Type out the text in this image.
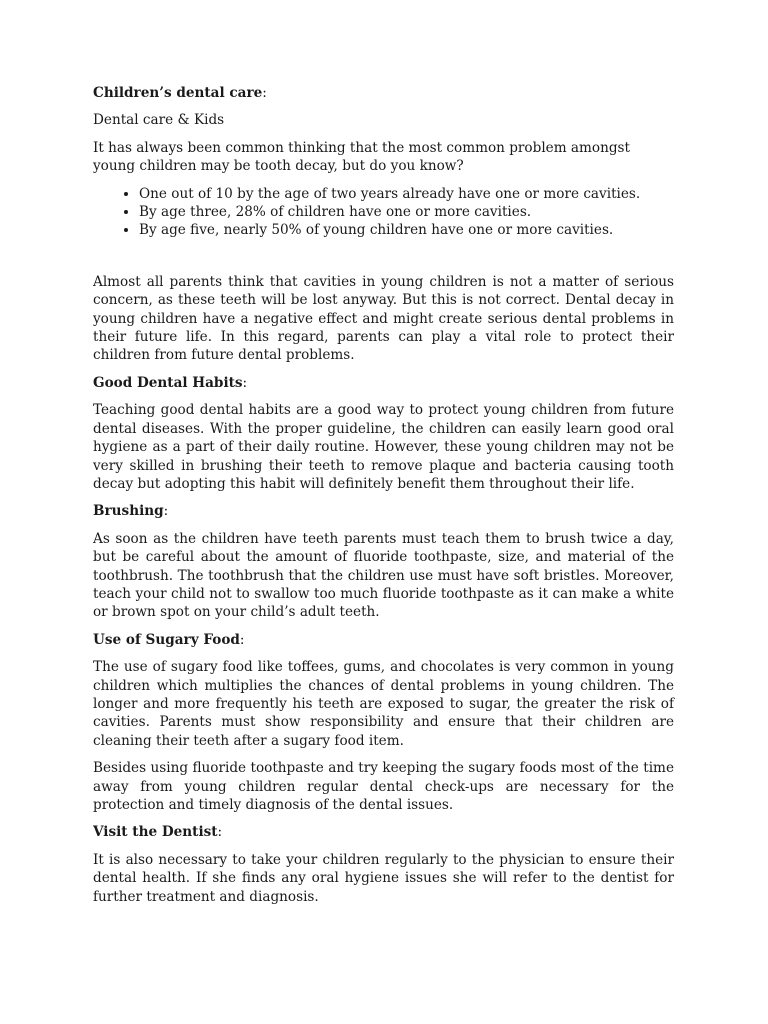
Children’s dental care:

Dental care & Kids

It has always been common thinking that the most common problem amongst young children may be tooth decay, but do you know?

• One out of 10 by the age of two years already have one or more cavities.
• By age three, 28% of children have one or more cavities.
• By age five, nearly 50% of young children have one or more cavities.

Almost all parents think that cavities in young children is not a matter of serious concern, as these teeth will be lost anyway. But this is not correct. Dental decay in young children have a negative effect and might create serious dental problems in their future life. In this regard, parents can play a vital role to protect their children from future dental problems.

Good Dental Habits:

Teaching good dental habits are a good way to protect young children from future dental diseases. With the proper guideline, the children can easily learn good oral hygiene as a part of their daily routine. However, these young children may not be very skilled in brushing their teeth to remove plaque and bacteria causing tooth decay but adopting this habit will definitely benefit them throughout their life.

Brushing:

As soon as the children have teeth parents must teach them to brush twice a day, but be careful about the amount of fluoride toothpaste, size, and material of the toothbrush. The toothbrush that the children use must have soft bristles. Moreover, teach your child not to swallow too much fluoride toothpaste as it can make a white or brown spot on your child’s adult teeth.

Use of Sugary Food:

The use of sugary food like toffees, gums, and chocolates is very common in young children which multiplies the chances of dental problems in young children. The longer and more frequently his teeth are exposed to sugar, the greater the risk of cavities. Parents must show responsibility and ensure that their children are cleaning their teeth after a sugary food item.

Besides using fluoride toothpaste and try keeping the sugary foods most of the time away from young children regular dental check-ups are necessary for the protection and timely diagnosis of the dental issues.

Visit the Dentist:

It is also necessary to take your children regularly to the physician to ensure their dental health. If she finds any oral hygiene issues she will refer to the dentist for further treatment and diagnosis.
